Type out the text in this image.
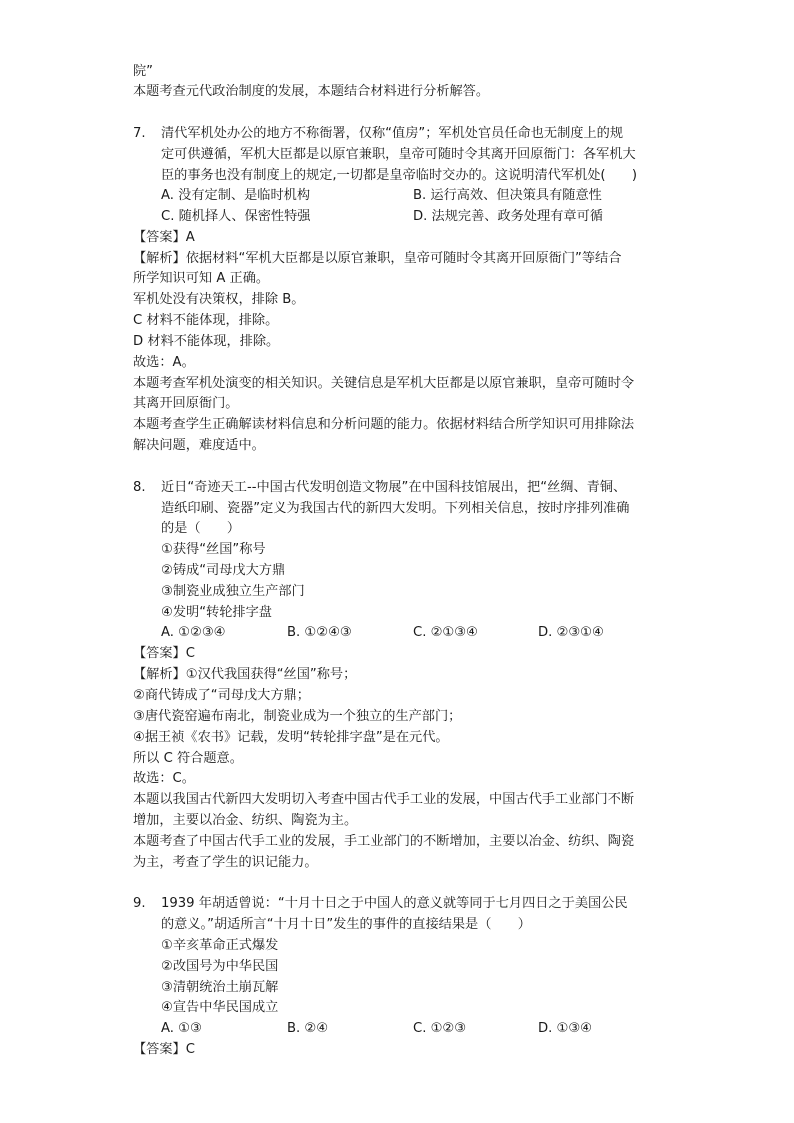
院”
本题考查元代政治制度的发展，本题结合材料进行分析解答。
7. 清代军机处办公的地方不称衙署，仅称“值房”；军机处官员任命也无制度上的规
定可供遵循，军机大臣都是以原官兼职，皇帝可随时令其离开回原衙门：各军机大
臣的事务也没有制度上的规定,一切都是皇帝临时交办的。这说明清代军机处(　　)
A. 没有定制、是临时机构	B. 运行高效、但决策具有随意性
C. 随机择人、保密性特强	D. 法规完善、政务处理有章可循
【答案】A
【解析】依据材料“军机大臣都是以原官兼职，皇帝可随时令其离开回原衙门”等结合
所学知识可知 A 正确。
军机处没有决策权，排除 B。
C 材料不能体现，排除。
D 材料不能体现，排除。
故选：A。
本题考查军机处演变的相关知识。关键信息是军机大臣都是以原官兼职，皇帝可随时令
其离开回原衙门。
本题考查学生正确解读材料信息和分析问题的能力。依据材料结合所学知识可用排除法
解决问题，难度适中。
8. 近日“奇迹天工--中国古代发明创造文物展”在中国科技馆展出，把“丝绸、青铜、
造纸印刷、瓷器”定义为我国古代的新四大发明。下列相关信息，按时序排列准确
的是（　　）
①获得“丝国”称号
②铸成“司母戊大方鼎
③制瓷业成独立生产部门
④发明“转轮排字盘
A. ①②③④	B. ①②④③	C. ②①③④	D. ②③①④
【答案】C
【解析】①汉代我国获得“丝国”称号；
②商代铸成了“司母戊大方鼎；
③唐代瓷窑遍布南北，制瓷业成为一个独立的生产部门；
④据王祯《农书》记载，发明“转轮排字盘”是在元代。
所以 C 符合题意。
故选：C。
本题以我国古代新四大发明切入考查中国古代手工业的发展，中国古代手工业部门不断
增加，主要以冶金、纺织、陶瓷为主。
本题考查了中国古代手工业的发展，手工业部门的不断增加，主要以冶金、纺织、陶瓷
为主，考查了学生的识记能力。
9. 1939 年胡适曾说：“十月十日之于中国人的意义就等同于七月四日之于美国公民
的意义。”胡适所言“十月十日”发生的事件的直接结果是（　　）
①辛亥革命正式爆发
②改国号为中华民国
③清朝统治土崩瓦解
④宣告中华民国成立
A. ①③	B. ②④	C. ①②③	D. ①③④
【答案】C
